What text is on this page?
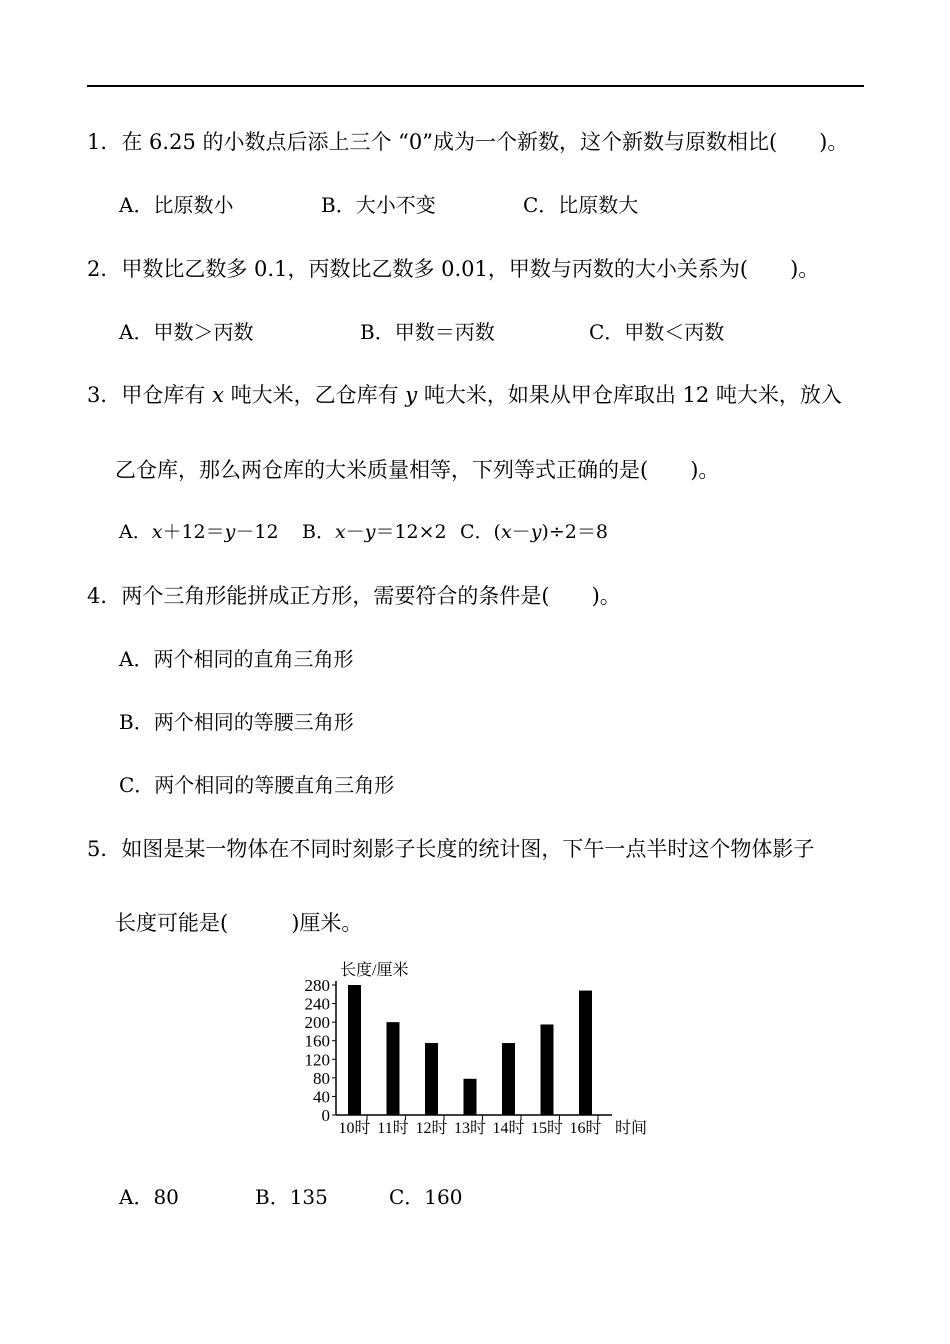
1．在 6.25 的小数点后添上三个 “0”成为一个新数，这个新数与原数相比(　　)。
A．比原数小	B．大小不变	C．比原数大
2．甲数比乙数多 0.1，丙数比乙数多 0.01，甲数与丙数的大小关系为(　　)。
A．甲数＞丙数	B．甲数＝丙数	C．甲数＜丙数
3．甲仓库有 x 吨大米，乙仓库有 y 吨大米，如果从甲仓库取出 12 吨大米，放入
乙仓库，那么两仓库的大米质量相等，下列等式正确的是(　　)。
A．x＋12＝y－12 B．x－y＝12×2 C．(x－y)÷2＝8
4．两个三角形能拼成正方形，需要符合的条件是(　　)。
A．两个相同的直角三角形
B．两个相同的等腰三角形
C．两个相同的等腰直角三角形
5．如图是某一物体在不同时刻影子长度的统计图，下午一点半时这个物体影子
长度可能是(　　　)厘米。
0
40
80
120
160
200
240
280
长度/厘米
10时 11时 12时 13时 14时 15时 16时 时间
A．80	B．135	C．160
